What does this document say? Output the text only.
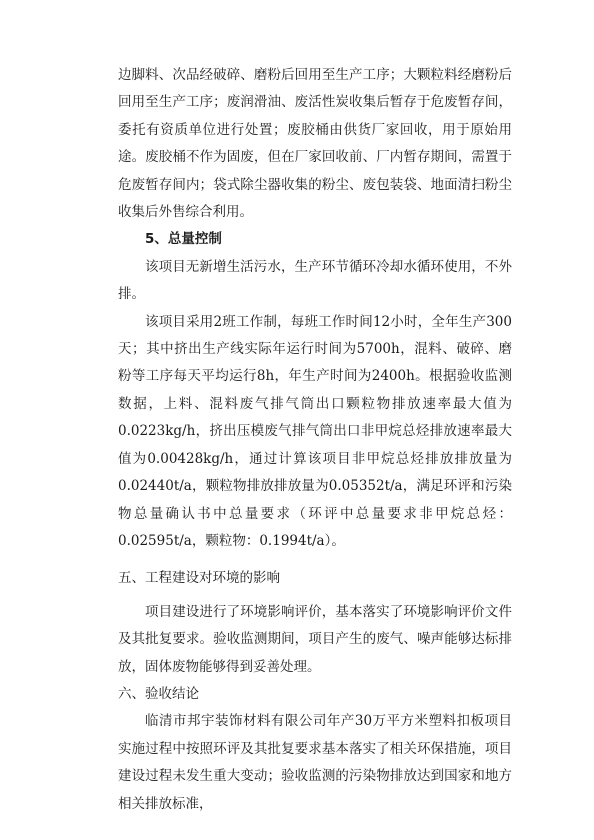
边脚料、次品经破碎、磨粉后回用至生产工序；大颗粒料经磨粉后回用至生产工序；废润滑油、废活性炭收集后暂存于危废暂存间，委托有资质单位进行处置；废胶桶由供货厂家回收，用于原始用途。废胶桶不作为固废，但在厂家回收前、厂内暂存期间，需置于危废暂存间内；袋式除尘器收集的粉尘、废包装袋、地面清扫粉尘收集后外售综合利用。

5、总量控制

该项目无新增生活污水，生产环节循环冷却水循环使用，不外排。

该项目采用2班工作制，每班工作时间12小时，全年生产300天；其中挤出生产线实际年运行时间为5700h，混料、破碎、磨粉等工序每天平均运行8h，年生产时间为2400h。根据验收监测数据，上料、混料废气排气筒出口颗粒物排放速率最大值为0.0223kg/h，挤出压模废气排气筒出口非甲烷总烃排放速率最大值为0.00428kg/h，通过计算该项目非甲烷总烃排放排放量为0.02440t/a，颗粒物排放排放量为0.05352t/a，满足环评和污染物总量确认书中总量要求（环评中总量要求非甲烷总烃：0.02595t/a，颗粒物：0.1994t/a）。

五、工程建设对环境的影响

项目建设进行了环境影响评价，基本落实了环境影响评价文件及其批复要求。验收监测期间，项目产生的废气、噪声能够达标排放，固体废物能够得到妥善处理。

六、验收结论

临清市邦宇装饰材料有限公司年产30万平方米塑料扣板项目实施过程中按照环评及其批复要求基本落实了相关环保措施，项目建设过程未发生重大变动；验收监测的污染物排放达到国家和地方相关排放标准，
